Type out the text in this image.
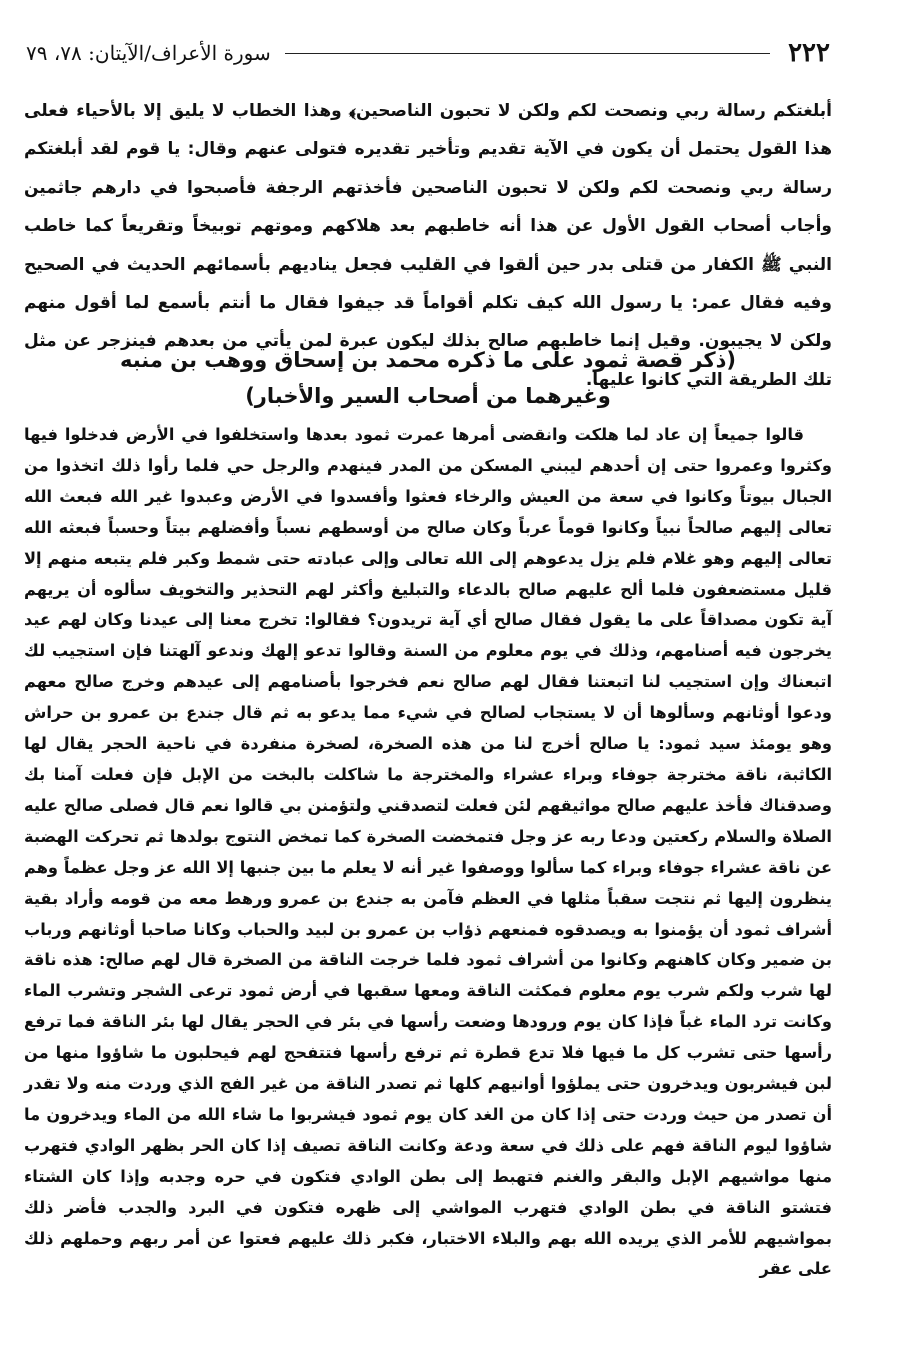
٢٢٢
سورة الأعراف/الآيتان: ٧٨، ٧٩

أبلغتكم رسالة ربي ونصحت لكم ولكن لا تحبون الناصحين﴾ وهذا الخطاب لا يليق إلا بالأحياء فعلى هذا القول يحتمل أن يكون في الآية تقديم وتأخير تقديره فتولى عنهم وقال: يا قوم لقد أبلغتكم رسالة ربي ونصحت لكم ولكن لا تحبون الناصحين فأخذتهم الرجفة فأصبحوا في دارهم جاثمين وأجاب أصحاب القول الأول عن هذا أنه خاطبهم بعد هلاكهم وموتهم توبيخاً وتقريعاً كما خاطب النبي ﷺ الكفار من قتلى بدر حين ألقوا في القليب فجعل يناديهم بأسمائهم الحديث في الصحيح وفيه فقال عمر: يا رسول الله كيف تكلم أقواماً قد جيفوا فقال ما أنتم بأسمع لما أقول منهم ولكن لا يجيبون. وقيل إنما خاطبهم صالح بذلك ليكون عبرة لمن يأتي من بعدهم فينزجر عن مثل تلك الطريقة التي كانوا عليها.

(ذكر قصة ثمود على ما ذكره محمد بن إسحاق ووهب بن منبه
وغيرهما من أصحاب السير والأخبار)

قالوا جميعاً إن عاد لما هلكت وانقضى أمرها عمرت ثمود بعدها واستخلفوا في الأرض فدخلوا فيها وكثروا وعمروا حتى إن أحدهم ليبني المسكن من المدر فينهدم والرجل حي فلما رأوا ذلك اتخذوا من الجبال بيوتاً وكانوا في سعة من العيش والرخاء فعثوا وأفسدوا في الأرض وعبدوا غير الله فبعث الله تعالى إليهم صالحاً نبياً وكانوا قوماً عرباً وكان صالح من أوسطهم نسباً وأفضلهم بيتاً وحسباً فبعثه الله تعالى إليهم وهو غلام فلم يزل يدعوهم إلى الله تعالى وإلى عبادته حتى شمط وكبر فلم يتبعه منهم إلا قليل مستضعفون فلما ألح عليهم صالح بالدعاء والتبليغ وأكثر لهم التحذير والتخويف سألوه أن يريهم آية تكون مصداقاً على ما يقول فقال صالح أي آية تريدون؟ فقالوا: تخرج معنا إلى عيدنا وكان لهم عيد يخرجون فيه أصنامهم، وذلك في يوم معلوم من السنة وقالوا تدعو إلهك وندعو آلهتنا فإن استجيب لك اتبعناك وإن استجيب لنا اتبعتنا فقال لهم صالح نعم فخرجوا بأصنامهم إلى عيدهم وخرج صالح معهم ودعوا أوثانهم وسألوها أن لا يستجاب لصالح في شيء مما يدعو به ثم قال جندع بن عمرو بن حراش وهو يومئذ سيد ثمود: يا صالح أخرج لنا من هذه الصخرة، لصخرة منفردة في ناحية الحجر يقال لها الكاثبة، ناقة مخترجة جوفاء وبراء عشراء والمخترجة ما شاكلت بالبخت من الإبل فإن فعلت آمنا بك وصدقناك فأخذ عليهم صالح مواثيقهم لئن فعلت لتصدقني ولتؤمنن بي قالوا نعم قال فصلى صالح عليه الصلاة والسلام ركعتين ودعا ربه عز وجل فتمخضت الصخرة كما تمخض النتوج بولدها ثم تحركت الهضبة عن ناقة عشراء جوفاء وبراء كما سألوا ووصفوا غير أنه لا يعلم ما بين جنبها إلا الله عز وجل عظماً وهم ينظرون إليها ثم نتجت سقباً مثلها في العظم فآمن به جندع بن عمرو ورهط معه من قومه وأراد بقية أشراف ثمود أن يؤمنوا به ويصدقوه فمنعهم ذؤاب بن عمرو بن لبيد والحباب وكانا صاحبا أوثانهم ورباب بن ضمير وكان كاهنهم وكانوا من أشراف ثمود فلما خرجت الناقة من الصخرة قال لهم صالح: هذه ناقة لها شرب ولكم شرب يوم معلوم فمكثت الناقة ومعها سقبها في أرض ثمود ترعى الشجر وتشرب الماء وكانت ترد الماء غباً فإذا كان يوم ورودها وضعت رأسها في بئر في الحجر يقال لها بئر الناقة فما ترفع رأسها حتى تشرب كل ما فيها فلا تدع قطرة ثم ترفع رأسها فتتفحج لهم فيحلبون ما شاؤوا منها من لبن فيشربون ويدخرون حتى يملؤوا أوانيهم كلها ثم تصدر الناقة من غير الفج الذي وردت منه ولا تقدر أن تصدر من حيث وردت حتى إذا كان من الغد كان يوم ثمود فيشربوا ما شاء الله من الماء ويدخرون ما شاؤوا ليوم الناقة فهم على ذلك في سعة ودعة وكانت الناقة تصيف إذا كان الحر بظهر الوادي فتهرب منها مواشيهم الإبل والبقر والغنم فتهبط إلى بطن الوادي فتكون في حره وجدبه وإذا كان الشتاء فتشتو الناقة في بطن الوادي فتهرب المواشي إلى ظهره فتكون في البرد والجدب فأضر ذلك بمواشيهم للأمر الذي يريده الله بهم والبلاء الاختبار، فكبر ذلك عليهم فعتوا عن أمر ربهم وحملهم ذلك على عقر
